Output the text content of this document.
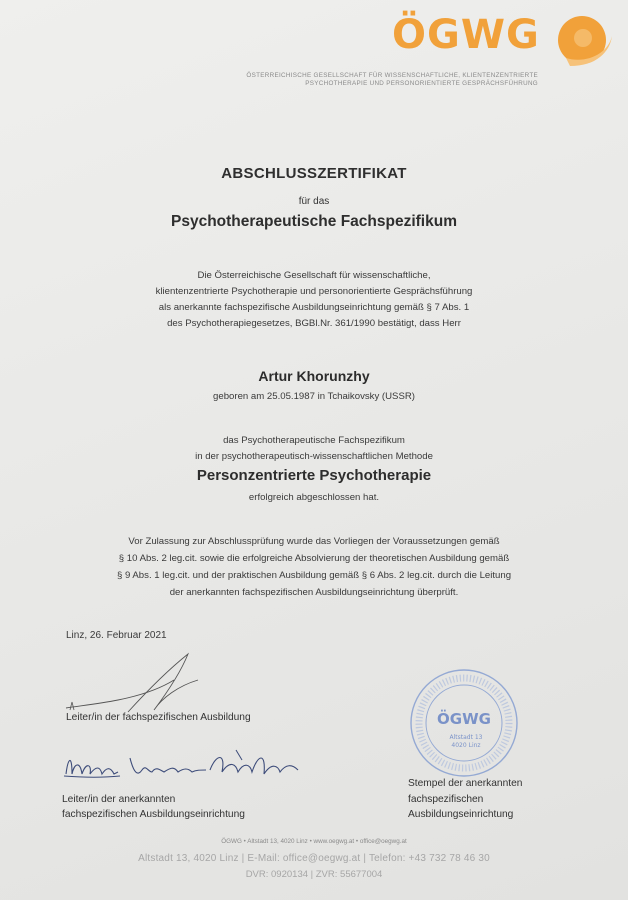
ÖGWG
ÖSTERREICHISCHE GESELLSCHAFT FÜR WISSENSCHAFTLICHE, KLIENTENZENTRIERTE
PSYCHOTHERAPIE UND PERSONORIENTIERTE GESPRÄCHSFÜHRUNG
ABSCHLUSSZERTIFIKAT
für das
Psychotherapeutische Fachspezifikum
Die Österreichische Gesellschaft für wissenschaftliche,
klientenzentrierte Psychotherapie und personorientierte Gesprächsführung
als anerkannte fachspezifische Ausbildungseinrichtung gemäß § 7 Abs. 1
des Psychotherapiegesetzes, BGBl.Nr. 361/1990 bestätigt, dass Herr
Artur Khorunzhy
geboren am 25.05.1987 in Tchaikovsky (USSR)
das Psychotherapeutische Fachspezifikum
in der psychotherapeutisch-wissenschaftlichen Methode
Personzentrierte Psychotherapie
erfolgreich abgeschlossen hat.
Vor Zulassung zur Abschlussprüfung wurde das Vorliegen der Voraussetzungen gemäß
§ 10 Abs. 2 leg.cit. sowie die erfolgreiche Absolvierung der theoretischen Ausbildung gemäß
§ 9 Abs. 1 leg.cit. und der praktischen Ausbildung gemäß § 6 Abs. 2 leg.cit. durch die Leitung
der anerkannten fachspezifischen Ausbildungseinrichtung überprüft.
Linz, 26. Februar 2021
Leiter/in der fachspezifischen Ausbildung
Leiter/in der anerkannten
fachspezifischen Ausbildungseinrichtung
ÖGWG
Altstadt 13
4020 Linz
Stempel der anerkannten
fachspezifischen
Ausbildungseinrichtung
ÖGWG • Altstadt 13, 4020 Linz • www.oegwg.at • office@oegwg.at
Altstadt 13, 4020 Linz | E-Mail: office@oegwg.at | Telefon: +43 732 78 46 30
DVR: 0920134 | ZVR: 55677004
